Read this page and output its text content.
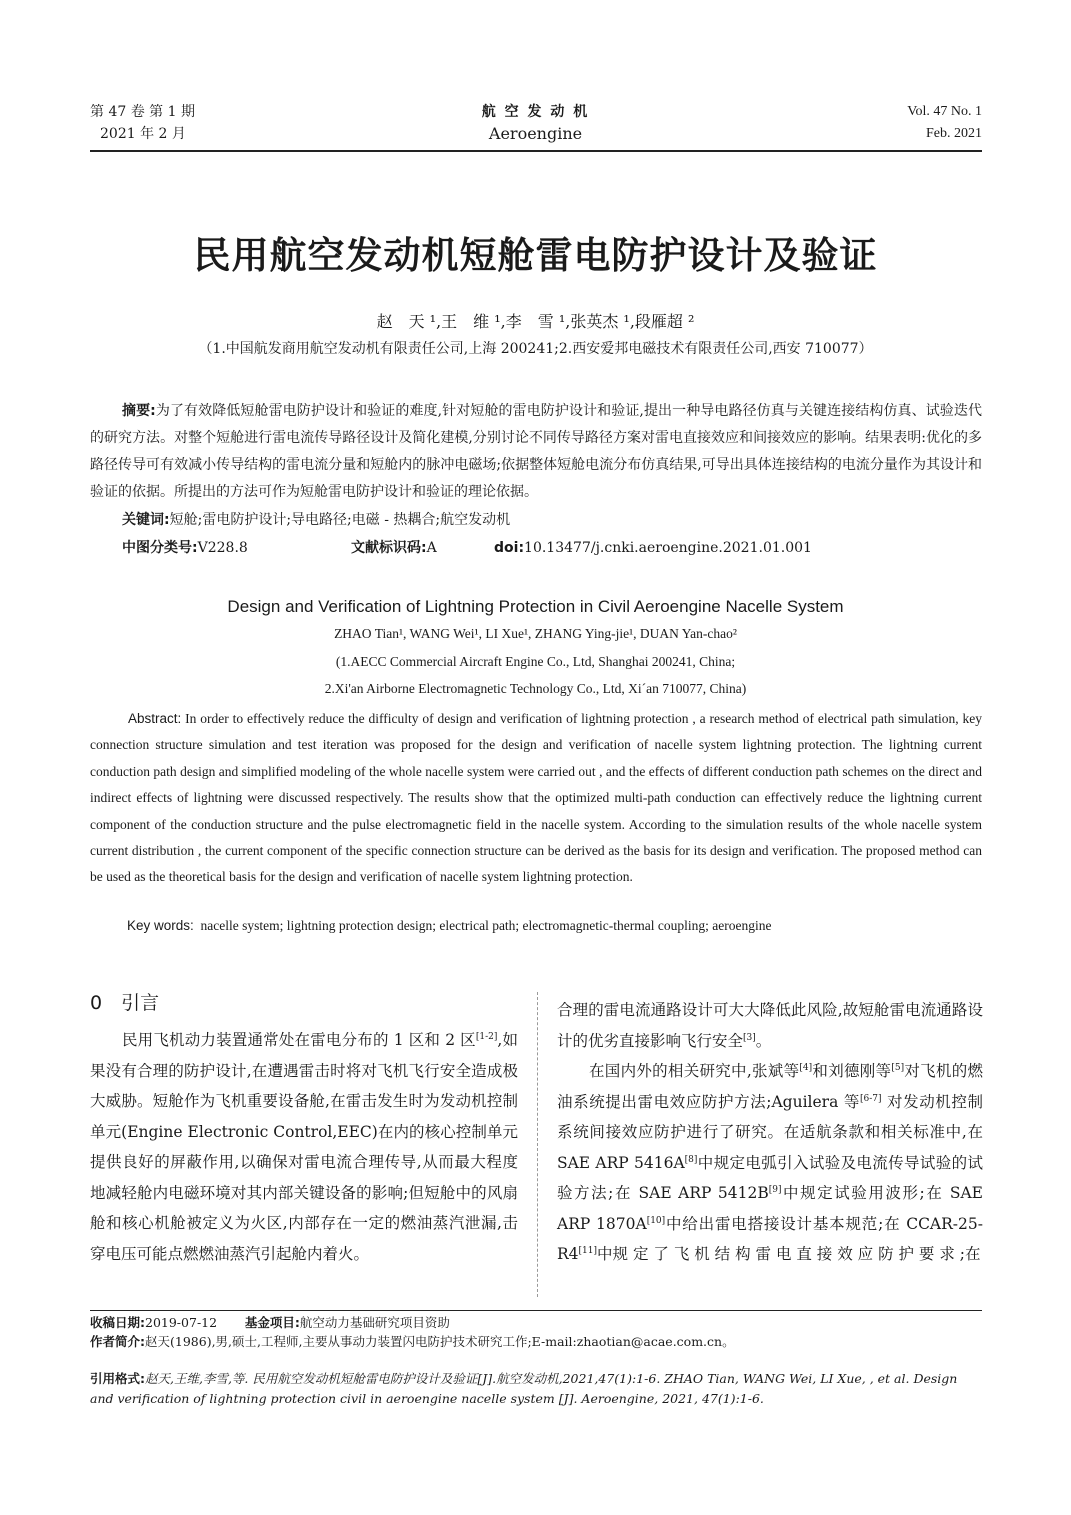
第 47 卷 第 1 期
2021 年 2 月
航 空 发 动 机
Aeroengine
Vol. 47 No. 1
Feb. 2021
民用航空发动机短舱雷电防护设计及验证
赵　天 ¹,王　维 ¹,李　雪 ¹,张英杰 ¹,段雁超 ²
（1.中国航发商用航空发动机有限责任公司,上海 200241;2.西安爱邦电磁技术有限责任公司,西安 710077）
摘要:为了有效降低短舱雷电防护设计和验证的难度,针对短舱的雷电防护设计和验证,提出一种导电路径仿真与关键连接结构仿真、试验迭代的研究方法。对整个短舱进行雷电流传导路径设计及简化建模,分别讨论不同传导路径方案对雷电直接效应和间接效应的影响。结果表明:优化的多路径传导可有效减小传导结构的雷电流分量和短舱内的脉冲电磁场;依据整体短舱电流分布仿真结果,可导出具体连接结构的电流分量作为其设计和验证的依据。所提出的方法可作为短舱雷电防护设计和验证的理论依据。
关键词:短舱;雷电防护设计;导电路径;电磁 - 热耦合;航空发动机
中图分类号:V228.8	文献标识码:A	doi:10.13477/j.cnki.aeroengine.2021.01.001
Design and Verification of Lightning Protection in Civil Aeroengine Nacelle System
ZHAO Tian¹, WANG Wei¹, LI Xue¹, ZHANG Ying-jie¹, DUAN Yan-chao²
(1.AECC Commercial Aircraft Engine Co., Ltd, Shanghai 200241, China;
2.Xi'an Airborne Electromagnetic Technology Co., Ltd, Xi´an 710077, China)
Abstract: In order to effectively reduce the difficulty of design and verification of lightning protection , a research method of electrical path simulation, key connection structure simulation and test iteration was proposed for the design and verification of nacelle system lightning protection. The lightning current conduction path design and simplified modeling of the whole nacelle system were carried out , and the effects of different conduction path schemes on the direct and indirect effects of lightning were discussed respectively. The results show that the optimized multi-path conduction can effectively reduce the lightning current component of the conduction structure and the pulse electromagnetic field in the nacelle system. According to the simulation results of the whole nacelle system current distribution , the current component of the specific connection structure can be derived as the basis for its design and verification. The proposed method can be used as the theoretical basis for the design and verification of nacelle system lightning protection.
Key words: nacelle system; lightning protection design; electrical path; electromagnetic-thermal coupling; aeroengine
0　引言

民用飞机动力装置通常处在雷电分布的 1 区和 2 区[1-2],如果没有合理的防护设计,在遭遇雷击时将对飞机飞行安全造成极大威胁。短舱作为飞机重要设备舱,在雷击发生时为发动机控制单元(Engine Electronic Control,EEC)在内的核心控制单元提供良好的屏蔽作用,以确保对雷电流合理传导,从而最大程度地减轻舱内电磁环境对其内部关键设备的影响;但短舱中的风扇舱和核心机舱被定义为火区,内部存在一定的燃油蒸汽泄漏,击穿电压可能点燃燃油蒸汽引起舱内着火。

合理的雷电流通路设计可大大降低此风险,故短舱雷电流通路设计的优劣直接影响飞行安全[3]。

在国内外的相关研究中,张斌等[4]和刘德刚等[5]对飞机的燃油系统提出雷电效应防护方法;Aguilera 等[6-7] 对发动机控制系统间接效应防护进行了研究。在适航条款和相关标准中,在 SAE ARP 5416A[8]中规定电弧引入试验及电流传导试验的试验方法;在 SAE ARP 5412B[9]中规定试验用波形;在 SAE ARP 1870A[10]中给出雷电搭接设计基本规范;在 CCAR-25-R4[11]中规 定 了 飞 机 结 构 雷 电 直 接 效 应 防 护 要 求 ;在

收稿日期:2019-07-12 基金项目:航空动力基础研究项目资助
作者简介:赵天(1986),男,硕士,工程师,主要从事动力装置闪电防护技术研究工作;E-mail:zhaotian@acae.com.cn。
引用格式:赵天,王维,李雪,等. 民用航空发动机短舱雷电防护设计及验证[J].航空发动机,2021,47(1):1-6. ZHAO Tian, WANG Wei, LI Xue, , et al. Design and verification of lightning protection civil in aeroengine nacelle system [J]. Aeroengine, 2021, 47(1):1-6.
